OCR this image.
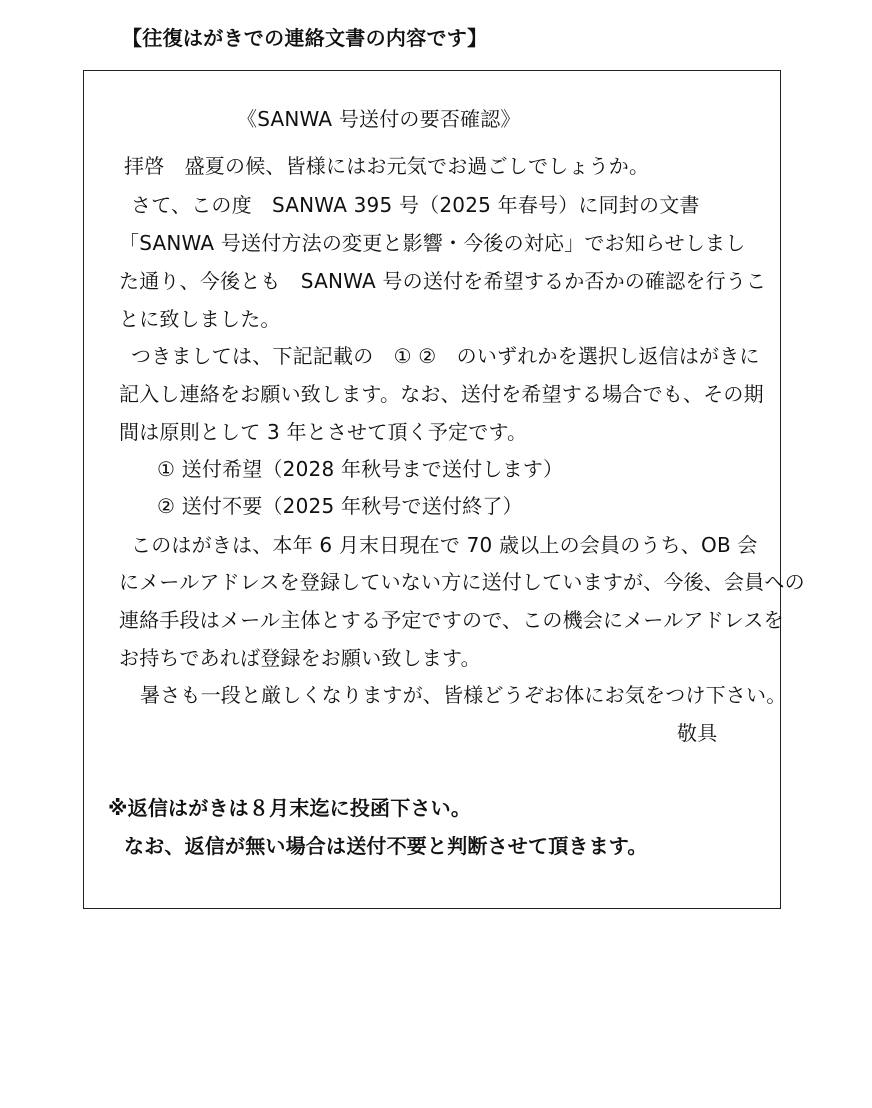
【往復はがきでの連絡文書の内容です】
《SANWA 号送付の要否確認》
拝啓　盛夏の候、皆様にはお元気でお過ごしでしょうか。
さて、この度　SANWA 395 号（2025 年春号）に同封の文書
「SANWA 号送付方法の変更と影響・今後の対応」でお知らせしまし
た通り、今後とも　SANWA 号の送付を希望するか否かの確認を行うこ
とに致しました。
つきましては、下記記載の　① ②　のいずれかを選択し返信はがきに
記入し連絡をお願い致します。なお、送付を希望する場合でも、その期
間は原則として 3 年とさせて頂く予定です。
① 送付希望（2028 年秋号まで送付します）
② 送付不要（2025 年秋号で送付終了）
このはがきは、本年 6 月末日現在で 70 歳以上の会員のうち、OB 会
にメールアドレスを登録していない方に送付していますが、今後、会員への
連絡手段はメール主体とする予定ですので、この機会にメールアドレスを
お持ちであれば登録をお願い致します。
暑さも一段と厳しくなりますが、皆様どうぞお体にお気をつけ下さい。
敬具
※返信はがきは８月末迄に投函下さい。
なお、返信が無い場合は送付不要と判断させて頂きます。
